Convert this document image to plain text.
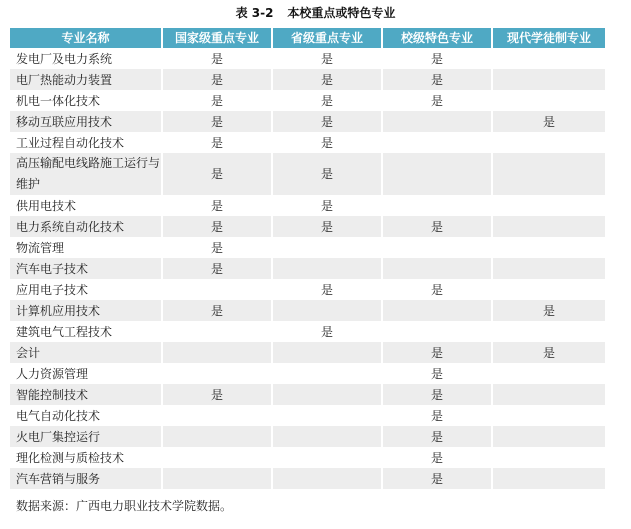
表 3-2 本校重点或特色专业
专业名称	国家级重点专业	省级重点专业	校级特色专业	现代学徒制专业
发电厂及电力系统	是	是	是	
电厂热能动力装置	是	是	是	
机电一体化技术	是	是	是	
移动互联应用技术	是	是		是
工业过程自动化技术	是	是		
高压输配电线路施工运行与维护	是	是		
供用电技术	是	是		
电力系统自动化技术	是	是	是	
物流管理	是			
汽车电子技术	是			
应用电子技术		是	是	
计算机应用技术	是			是
建筑电气工程技术		是		
会计			是	是
人力资源管理			是	
智能控制技术	是		是	
电气自动化技术			是	
火电厂集控运行			是	
理化检测与质检技术			是	
汽车营销与服务			是	
数据来源：广西电力职业技术学院数据。
